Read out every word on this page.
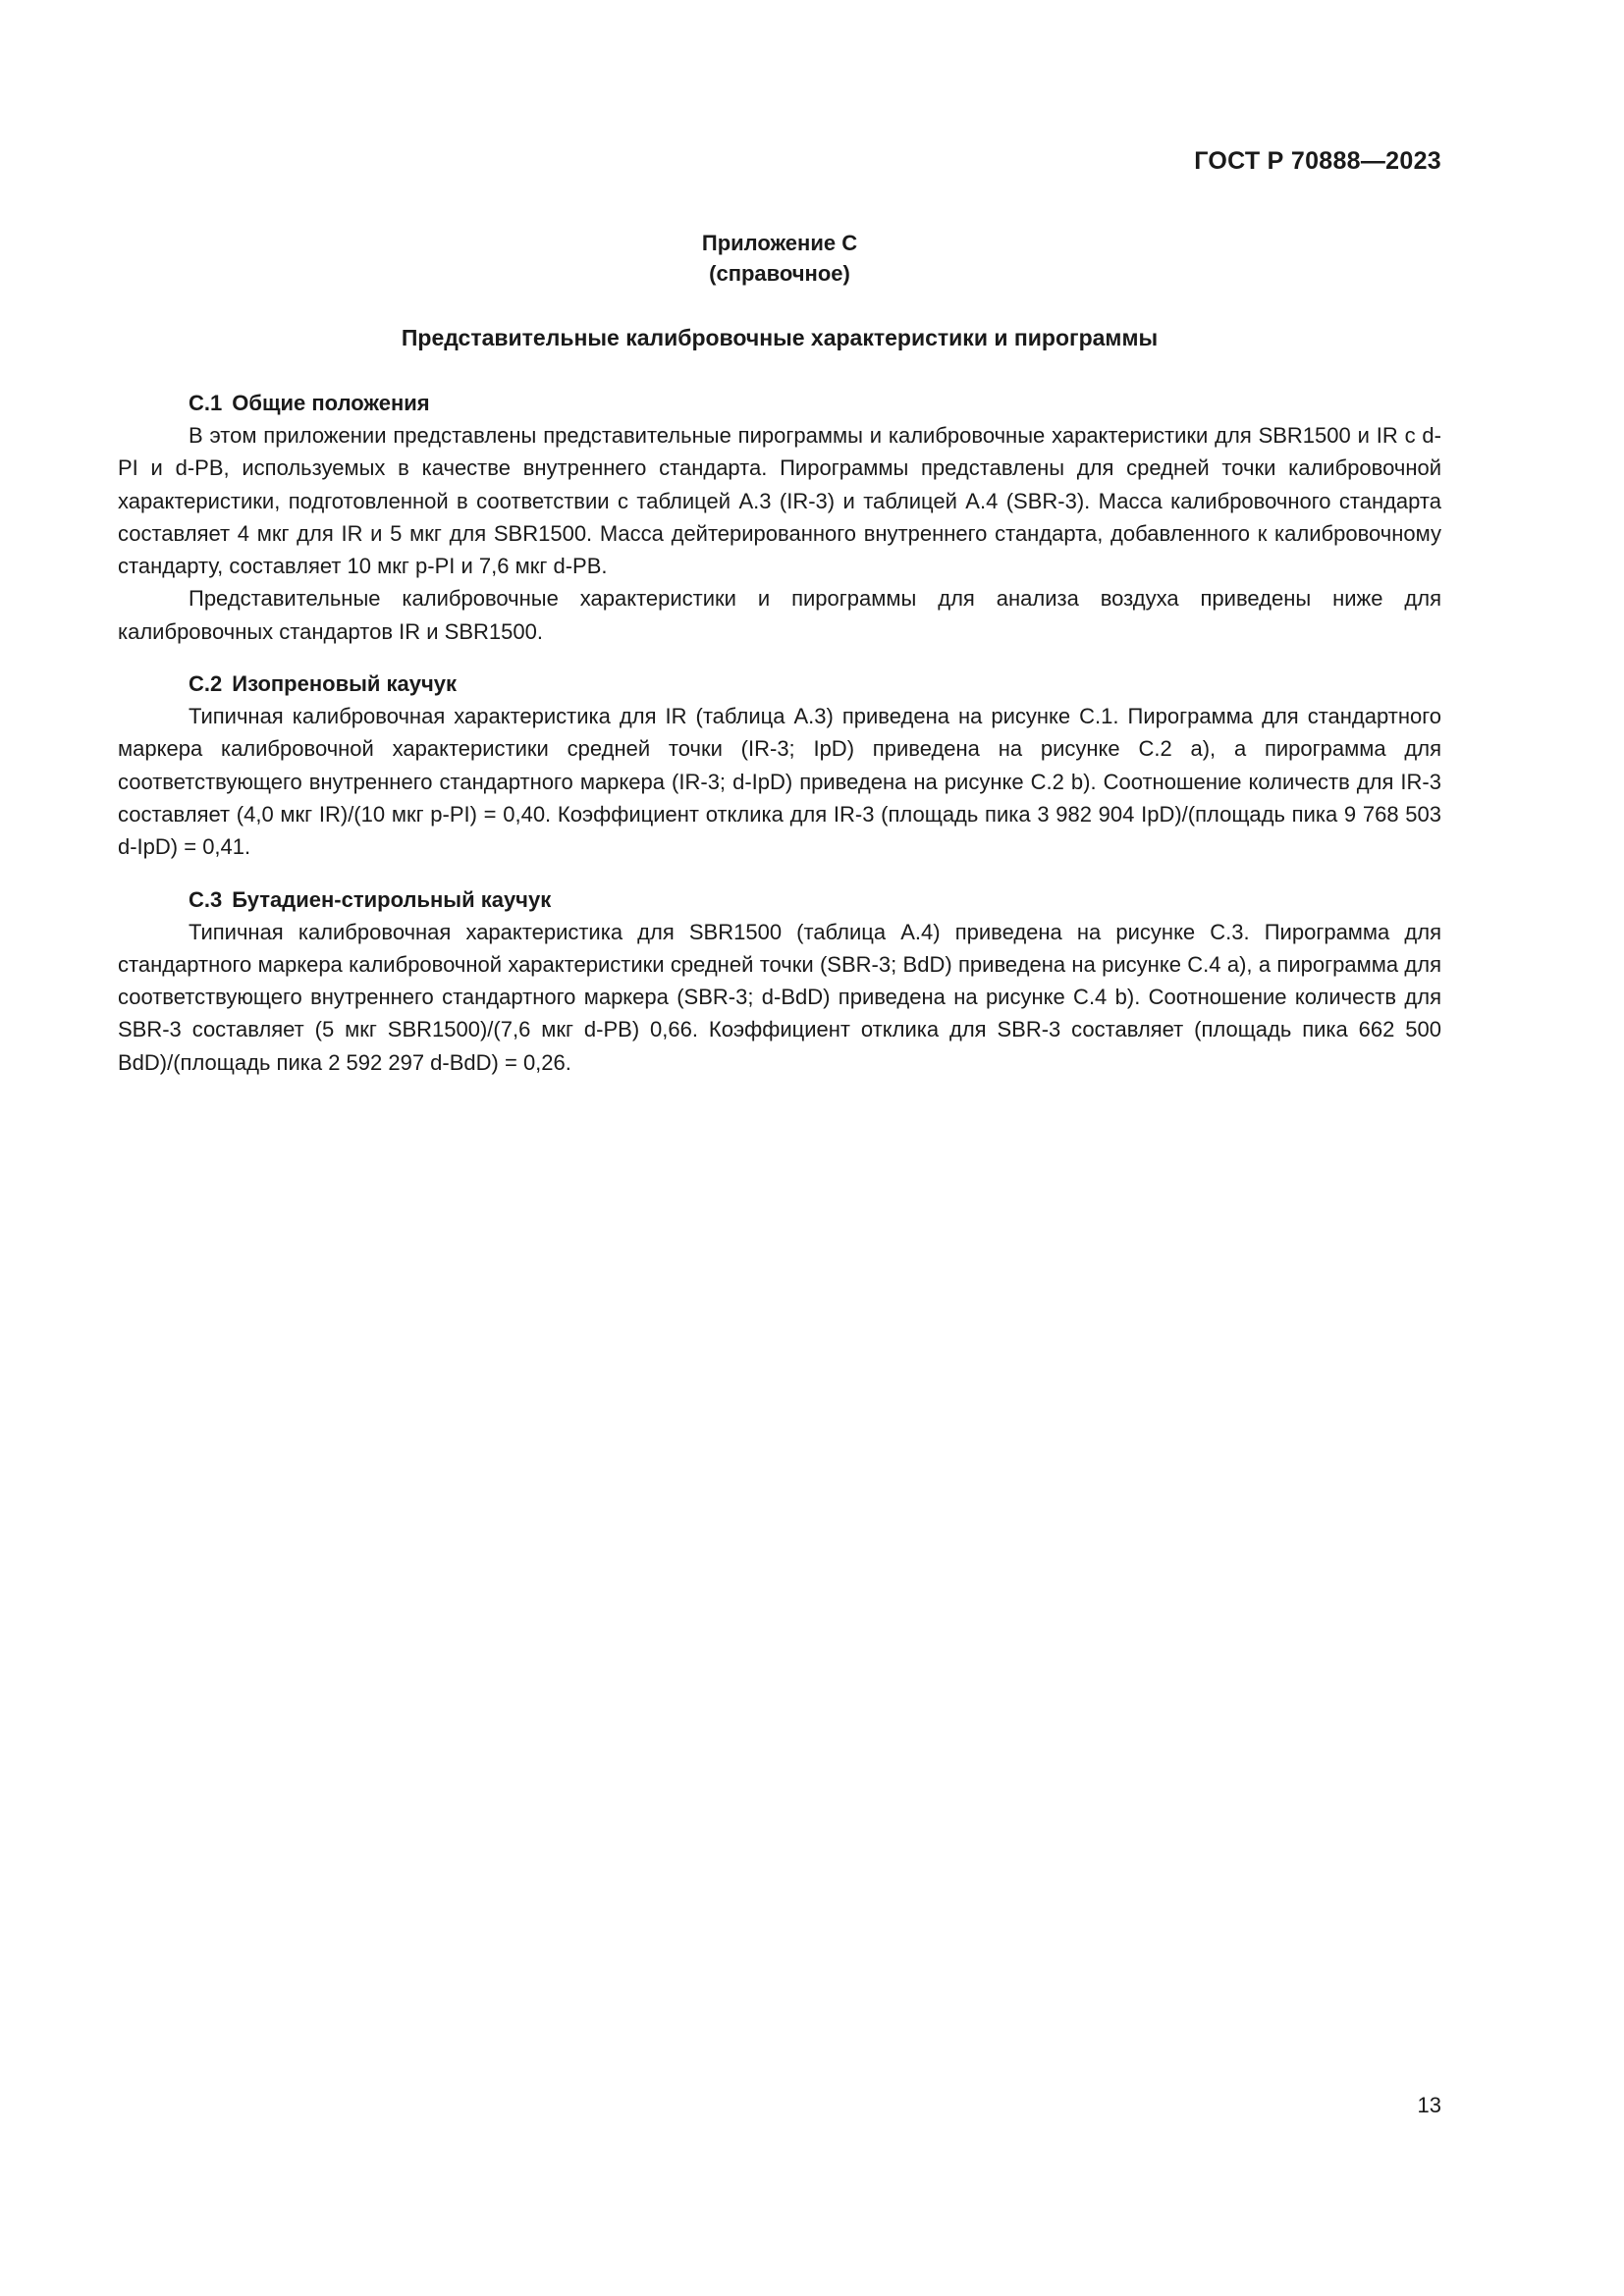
ГОСТ Р 70888—2023
Приложение С
(справочное)
Представительные калибровочные характеристики и пирограммы
С.1 Общие положения

В этом приложении представлены представительные пирограммы и калибровочные характеристики для SBR1500 и IR с d-PI и d-PB, используемых в качестве внутреннего стандарта. Пирограммы представлены для средней точки калибровочной характеристики, подготовленной в соответствии с таблицей А.3 (IR-3) и таблицей А.4 (SBR-3). Масса калибровочного стандарта составляет 4 мкг для IR и 5 мкг для SBR1500. Масса дейтерированного внутреннего стандарта, добавленного к калибровочному стандарту, составляет 10 мкг p-PI и 7,6 мкг d-PB.

Представительные калибровочные характеристики и пирограммы для анализа воздуха приведены ниже для калибровочных стандартов IR и SBR1500.

С.2 Изопреновый каучук

Типичная калибровочная характеристика для IR (таблица А.3) приведена на рисунке С.1. Пирограмма для стандартного маркера калибровочной характеристики средней точки (IR-3; IpD) приведена на рисунке С.2 а), а пирограмма для соответствующего внутреннего стандартного маркера (IR-3; d-IpD) приведена на рисунке С.2 b). Соотношение количеств для IR-3 составляет (4,0 мкг IR)/(10 мкг p-PI) = 0,40. Коэффициент отклика для IR-3 (площадь пика 3 982 904 IpD)/(площадь пика 9 768 503 d-IpD) = 0,41.

С.3 Бутадиен-стирольный каучук

Типичная калибровочная характеристика для SBR1500 (таблица А.4) приведена на рисунке С.3. Пирограмма для стандартного маркера калибровочной характеристики средней точки (SBR-3; BdD) приведена на рисунке С.4 а), а пирограмма для соответствующего внутреннего стандартного маркера (SBR-3; d-BdD) приведена на рисунке С.4 b). Соотношение количеств для SBR-3 составляет (5 мкг SBR1500)/(7,6 мкг d-PB) 0,66. Коэффициент отклика для SBR-3 составляет (площадь пика 662 500 BdD)/(площадь пика 2 592 297 d-BdD) = 0,26.

13
